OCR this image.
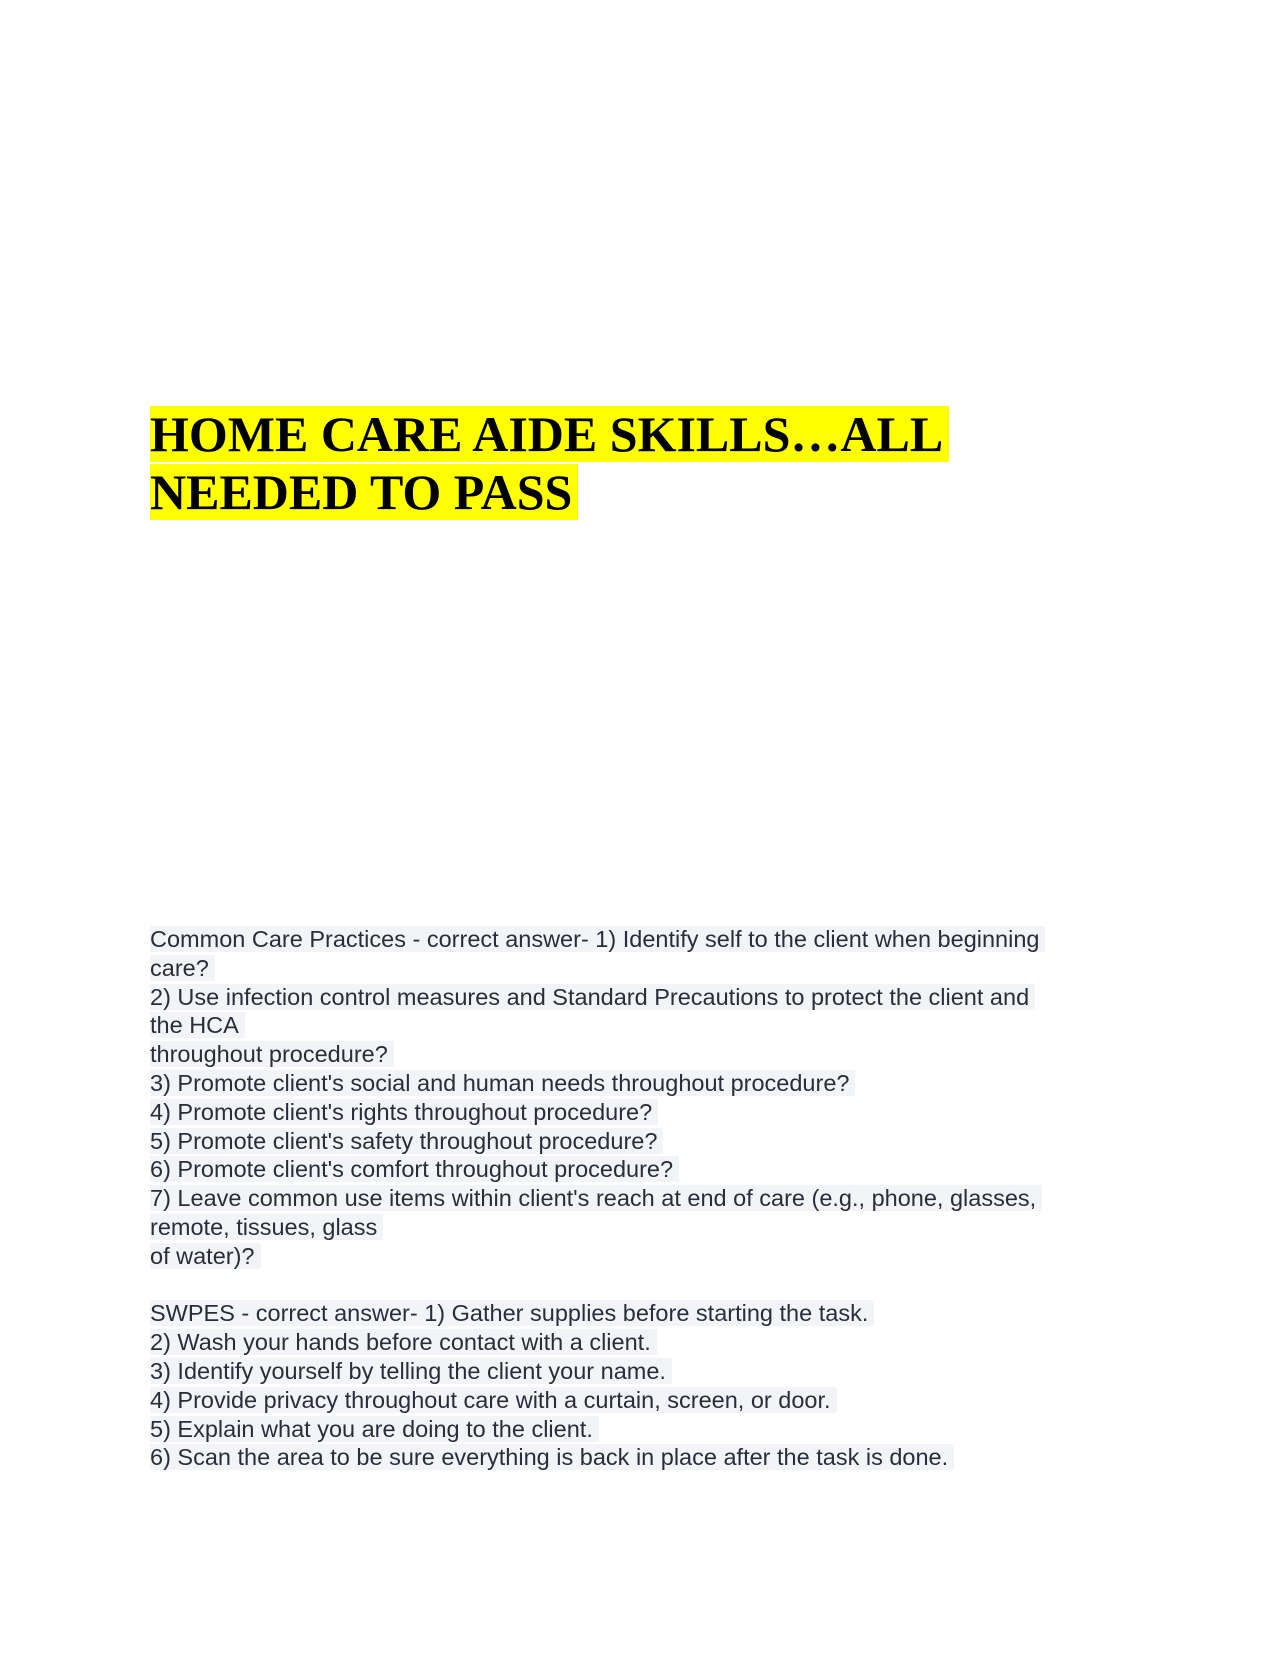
HOME CARE AIDE SKILLS…ALL
NEEDED TO PASS
Common Care Practices - correct answer- 1) Identify self to the client when beginning
care?
2) Use infection control measures and Standard Precautions to protect the client and
the HCA
throughout procedure?
3) Promote client's social and human needs throughout procedure?
4) Promote client's rights throughout procedure?
5) Promote client's safety throughout procedure?
6) Promote client's comfort throughout procedure?
7) Leave common use items within client's reach at end of care (e.g., phone, glasses,
remote, tissues, glass
of water)?
SWPES - correct answer- 1) Gather supplies before starting the task.
2) Wash your hands before contact with a client.
3) Identify yourself by telling the client your name.
4) Provide privacy throughout care with a curtain, screen, or door.
5) Explain what you are doing to the client.
6) Scan the area to be sure everything is back in place after the task is done.
